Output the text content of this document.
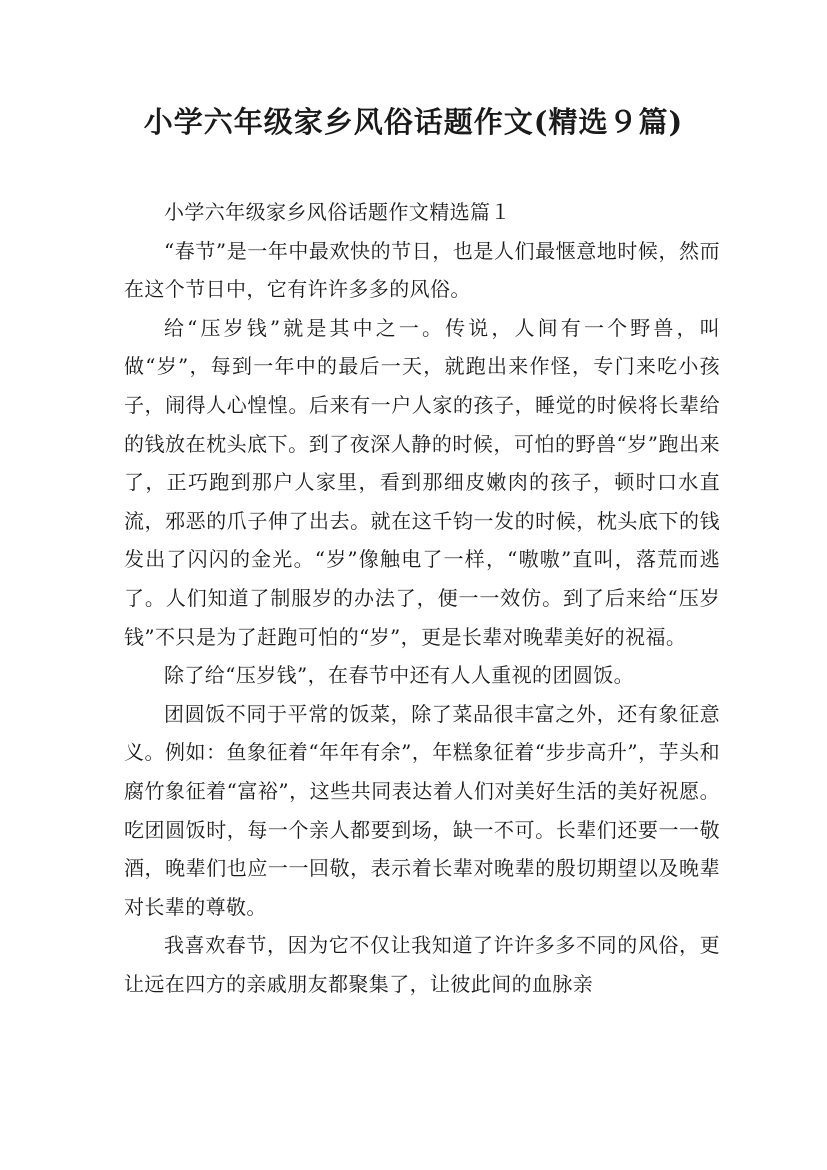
小学六年级家乡风俗话题作文(精选９篇)

小学六年级家乡风俗话题作文精选篇１

“春节”是一年中最欢快的节日，也是人们最惬意地时候，然而在这个节日中，它有许许多多的风俗。

给“压岁钱”就是其中之一。传说，人间有一个野兽，叫做“岁”，每到一年中的最后一天，就跑出来作怪，专门来吃小孩子，闹得人心惶惶。后来有一户人家的孩子，睡觉的时候将长辈给的钱放在枕头底下。到了夜深人静的时候，可怕的野兽“岁”跑出来了，正巧跑到那户人家里，看到那细皮嫩肉的孩子，顿时口水直流，邪恶的爪子伸了出去。就在这千钧一发的时候，枕头底下的钱发出了闪闪的金光。“岁”像触电了一样，“嗷嗷”直叫，落荒而逃了。人们知道了制服岁的办法了，便一一效仿。到了后来给“压岁钱”不只是为了赶跑可怕的“岁”，更是长辈对晚辈美好的祝福。

除了给“压岁钱”，在春节中还有人人重视的团圆饭。

团圆饭不同于平常的饭菜，除了菜品很丰富之外，还有象征意义。例如：鱼象征着“年年有余”，年糕象征着“步步高升”，芋头和腐竹象征着“富裕”，这些共同表达着人们对美好生活的美好祝愿。吃团圆饭时，每一个亲人都要到场，缺一不可。长辈们还要一一敬酒，晚辈们也应一一回敬，表示着长辈对晚辈的殷切期望以及晚辈对长辈的尊敬。

我喜欢春节，因为它不仅让我知道了许许多多不同的风俗，更让远在四方的亲戚朋友都聚集了，让彼此间的血脉亲
